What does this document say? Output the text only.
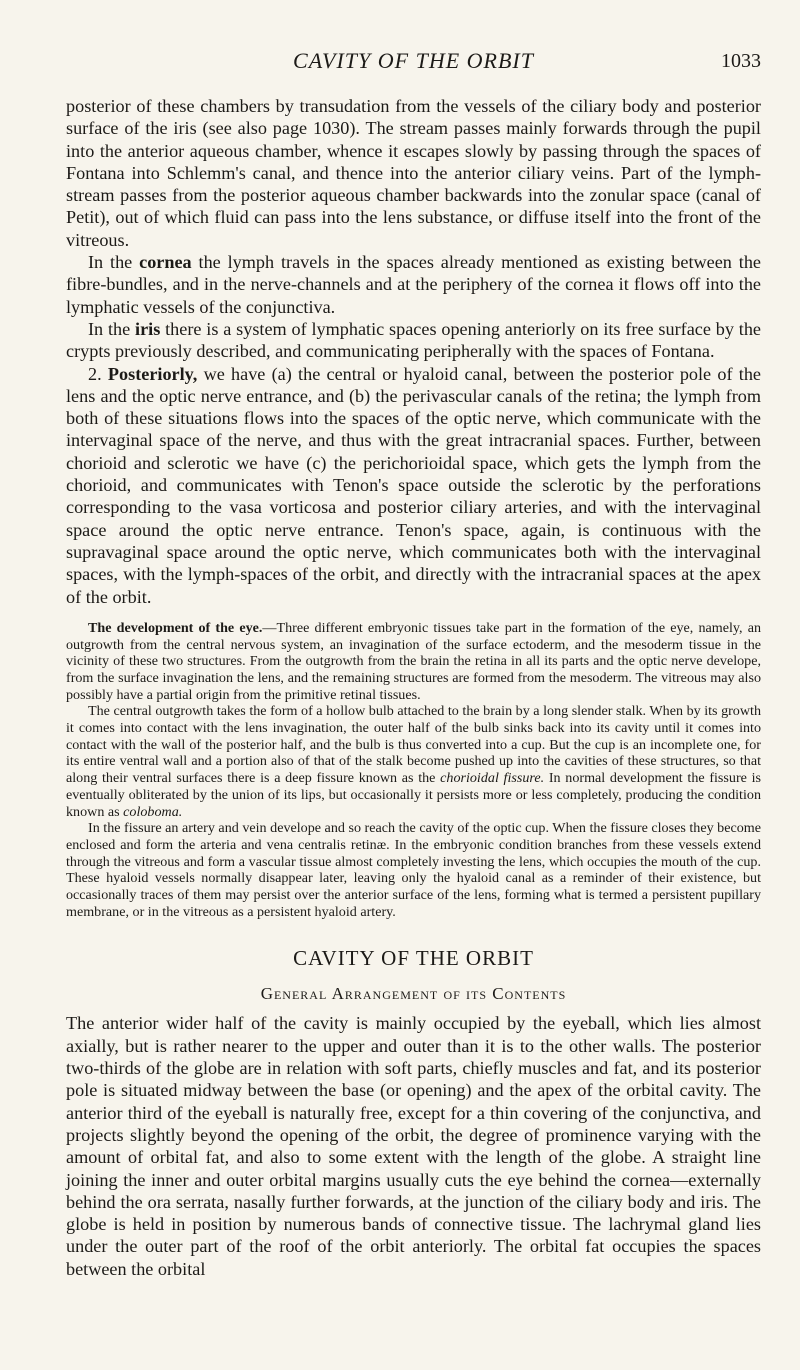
CAVITY OF THE ORBIT	1033

posterior of these chambers by transudation from the vessels of the ciliary body and posterior surface of the iris (see also page 1030). The stream passes mainly forwards through the pupil into the anterior aqueous chamber, whence it escapes slowly by passing through the spaces of Fontana into Schlemm's canal, and thence into the anterior ciliary veins. Part of the lymph-stream passes from the posterior aqueous chamber backwards into the zonular space (canal of Petit), out of which fluid can pass into the lens substance, or diffuse itself into the front of the vitreous.

In the cornea the lymph travels in the spaces already mentioned as existing between the fibre-bundles, and in the nerve-channels and at the periphery of the cornea it flows off into the lymphatic vessels of the conjunctiva.

In the iris there is a system of lymphatic spaces opening anteriorly on its free surface by the crypts previously described, and communicating peripherally with the spaces of Fontana.

2. Posteriorly, we have (a) the central or hyaloid canal, between the posterior pole of the lens and the optic nerve entrance, and (b) the perivascular canals of the retina; the lymph from both of these situations flows into the spaces of the optic nerve, which communicate with the intervaginal space of the nerve, and thus with the great intracranial spaces. Further, between chorioid and sclerotic we have (c) the perichorioidal space, which gets the lymph from the chorioid, and communicates with Tenon's space outside the sclerotic by the perforations corresponding to the vasa vorticosa and posterior ciliary arteries, and with the intervaginal space around the optic nerve entrance. Tenon's space, again, is continuous with the supravaginal space around the optic nerve, which communicates both with the intervaginal spaces, with the lymph-spaces of the orbit, and directly with the intracranial spaces at the apex of the orbit.

The development of the eye.—Three different embryonic tissues take part in the formation of the eye, namely, an outgrowth from the central nervous system, an invagination of the surface ectoderm, and the mesoderm tissue in the vicinity of these two structures. From the outgrowth from the brain the retina in all its parts and the optic nerve develope, from the surface invagination the lens, and the remaining structures are formed from the mesoderm. The vitreous may also possibly have a partial origin from the primitive retinal tissues.

The central outgrowth takes the form of a hollow bulb attached to the brain by a long slender stalk. When by its growth it comes into contact with the lens invagination, the outer half of the bulb sinks back into its cavity until it comes into contact with the wall of the posterior half, and the bulb is thus converted into a cup. But the cup is an incomplete one, for its entire ventral wall and a portion also of that of the stalk become pushed up into the cavities of these structures, so that along their ventral surfaces there is a deep fissure known as the chorioidal fissure. In normal development the fissure is eventually obliterated by the union of its lips, but occasionally it persists more or less completely, producing the condition known as coloboma.

In the fissure an artery and vein develope and so reach the cavity of the optic cup. When the fissure closes they become enclosed and form the arteria and vena centralis retinæ. In the embryonic condition branches from these vessels extend through the vitreous and form a vascular tissue almost completely investing the lens, which occupies the mouth of the cup. These hyaloid vessels normally disappear later, leaving only the hyaloid canal as a reminder of their existence, but occasionally traces of them may persist over the anterior surface of the lens, forming what is termed a persistent pupillary membrane, or in the vitreous as a persistent hyaloid artery.

CAVITY OF THE ORBIT
General Arrangement of its Contents

The anterior wider half of the cavity is mainly occupied by the eyeball, which lies almost axially, but is rather nearer to the upper and outer than it is to the other walls. The posterior two-thirds of the globe are in relation with soft parts, chiefly muscles and fat, and its posterior pole is situated midway between the base (or opening) and the apex of the orbital cavity. The anterior third of the eyeball is naturally free, except for a thin covering of the conjunctiva, and projects slightly beyond the opening of the orbit, the degree of prominence varying with the amount of orbital fat, and also to some extent with the length of the globe. A straight line joining the inner and outer orbital margins usually cuts the eye behind the cornea—externally behind the ora serrata, nasally further forwards, at the junction of the ciliary body and iris. The globe is held in position by numerous bands of connective tissue. The lachrymal gland lies under the outer part of the roof of the orbit anteriorly. The orbital fat occupies the spaces between the orbital
